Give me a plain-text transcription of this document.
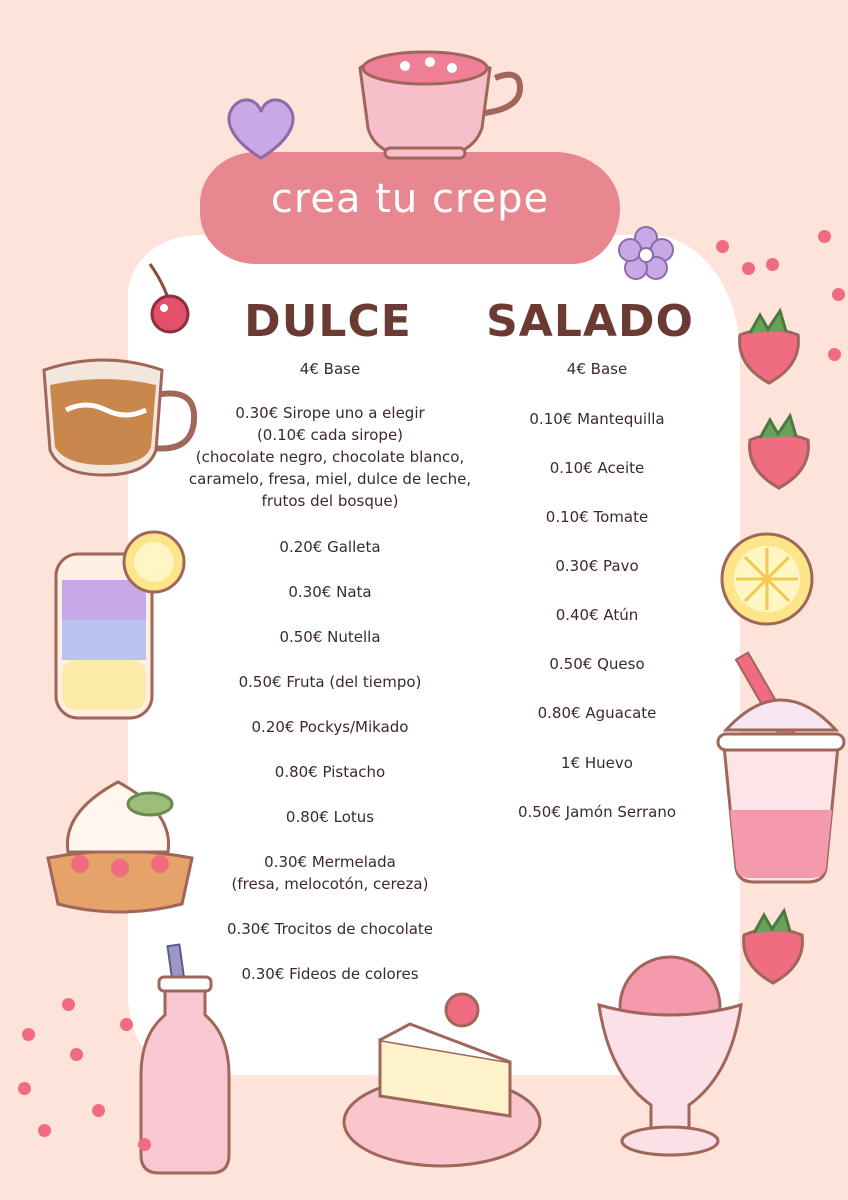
crea tu crepe
DULCE	SALADO
4€ Base
0.30€ Sirope uno a elegir
(0.10€ cada sirope)
(chocolate negro, chocolate blanco,
caramelo, fresa, miel, dulce de leche,
frutos del bosque)
0.20€ Galleta
0.30€ Nata
0.50€ Nutella
0.50€ Fruta (del tiempo)
0.20€ Pockys/Mikado
0.80€ Pistacho
0.80€ Lotus
0.30€ Mermelada
(fresa, melocotón, cereza)
0.30€ Trocitos de chocolate
0.30€ Fideos de colores
4€ Base
0.10€ Mantequilla
0.10€ Aceite
0.10€ Tomate
0.30€ Pavo
0.40€ Atún
0.50€ Queso
0.80€ Aguacate
1€ Huevo
0.50€ Jamón Serrano
